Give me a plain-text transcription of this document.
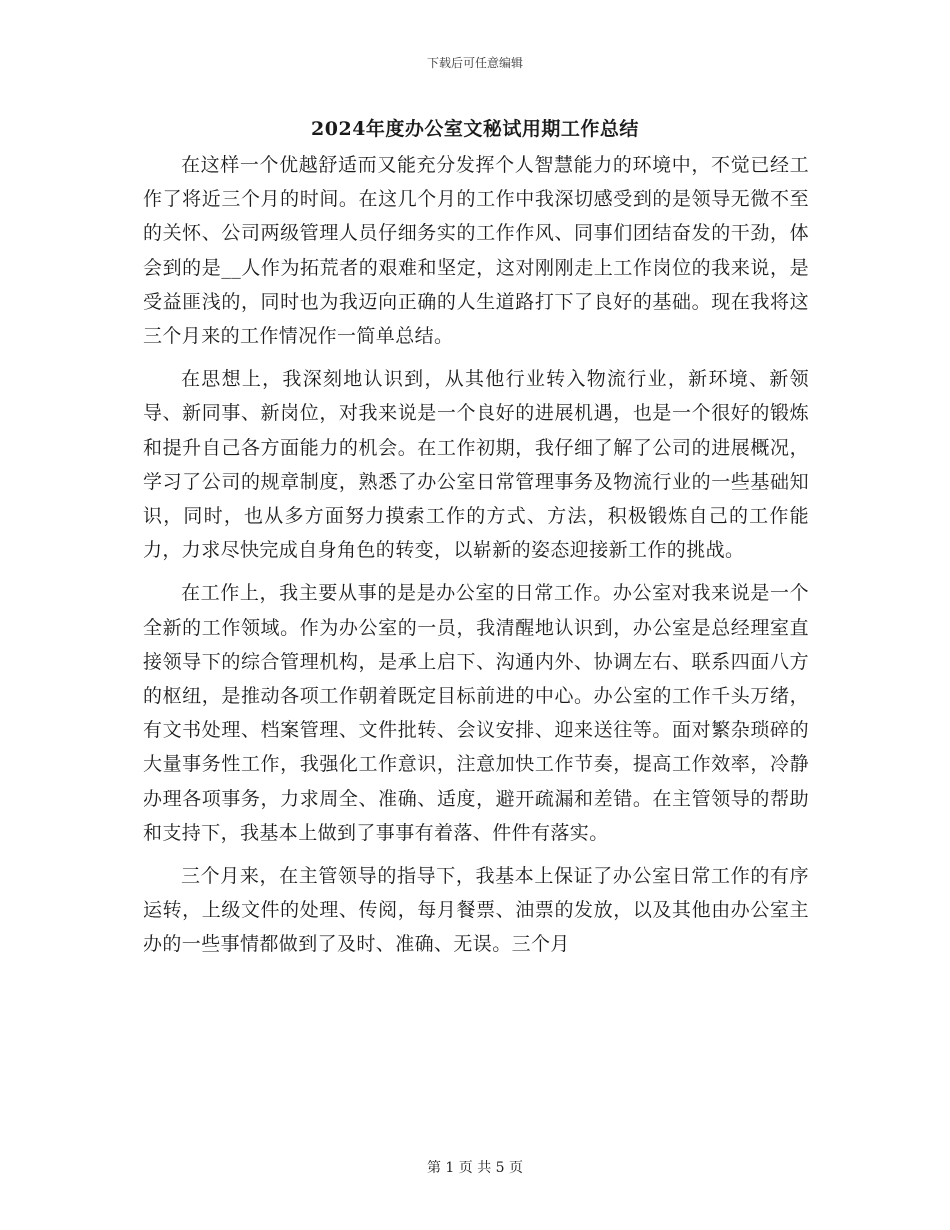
下载后可任意编辑
2024年度办公室文秘试用期工作总结

在这样一个优越舒适而又能充分发挥个人智慧能力的环境中，不觉已经工作了将近三个月的时间。在这几个月的工作中我深切感受到的是领导无微不至的关怀、公司两级管理人员仔细务实的工作作风、同事们团结奋发的干劲，体会到的是__人作为拓荒者的艰难和坚定，这对刚刚走上工作岗位的我来说，是受益匪浅的，同时也为我迈向正确的人生道路打下了良好的基础。现在我将这三个月来的工作情况作一简单总结。

在思想上，我深刻地认识到，从其他行业转入物流行业，新环境、新领导、新同事、新岗位，对我来说是一个良好的进展机遇，也是一个很好的锻炼和提升自己各方面能力的机会。在工作初期，我仔细了解了公司的进展概况，学习了公司的规章制度，熟悉了办公室日常管理事务及物流行业的一些基础知识，同时，也从多方面努力摸索工作的方式、方法，积极锻炼自己的工作能力，力求尽快完成自身角色的转变，以崭新的姿态迎接新工作的挑战。

在工作上，我主要从事的是是办公室的日常工作。办公室对我来说是一个全新的工作领域。作为办公室的一员，我清醒地认识到，办公室是总经理室直接领导下的综合管理机构，是承上启下、沟通内外、协调左右、联系四面八方的枢纽，是推动各项工作朝着既定目标前进的中心。办公室的工作千头万绪，有文书处理、档案管理、文件批转、会议安排、迎来送往等。面对繁杂琐碎的大量事务性工作，我强化工作意识，注意加快工作节奏，提高工作效率，冷静办理各项事务，力求周全、准确、适度，避开疏漏和差错。在主管领导的帮助和支持下，我基本上做到了事事有着落、件件有落实。

三个月来，在主管领导的指导下，我基本上保证了办公室日常工作的有序运转，上级文件的处理、传阅，每月餐票、油票的发放，以及其他由办公室主办的一些事情都做到了及时、准确、无误。三个月

第 1 页 共 5 页
